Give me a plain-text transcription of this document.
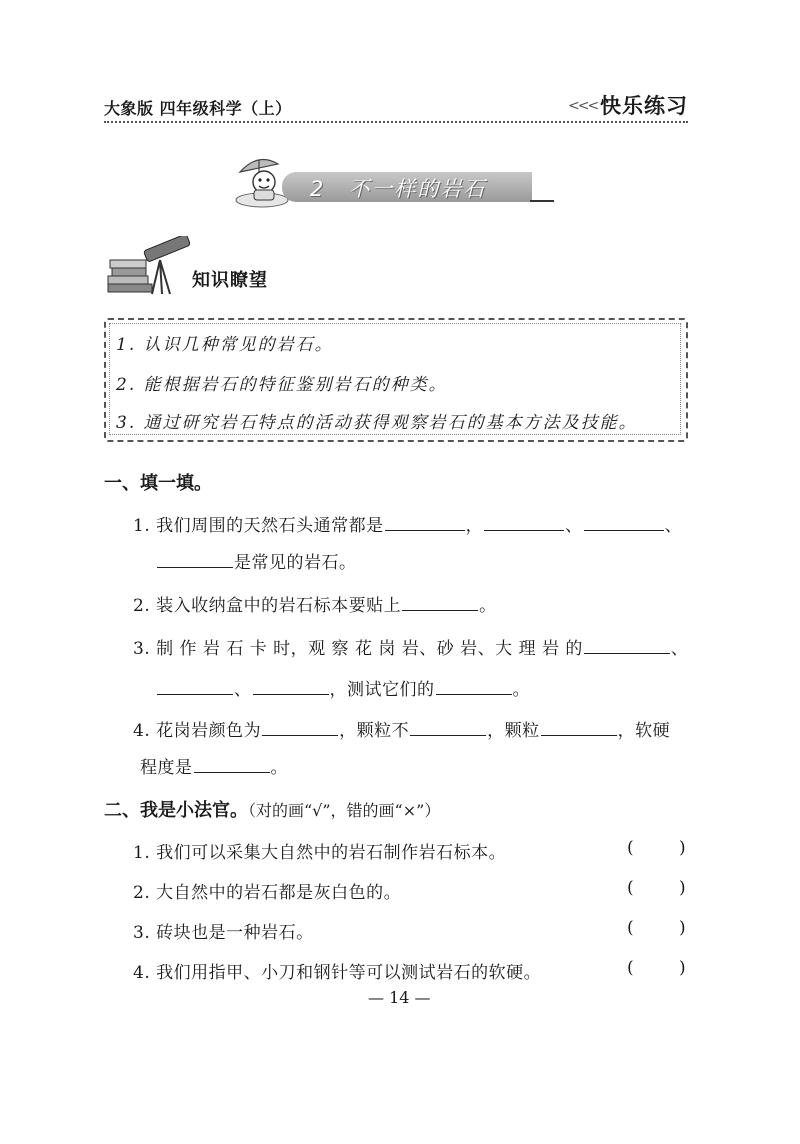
大象版 四年级科学（上）	<<< 快乐练习
2　不一样的岩石
知识瞭望
1. 认识几种常见的岩石。
2. 能根据岩石的特征鉴别岩石的种类。
3. 通过研究岩石特点的活动获得观察岩石的基本方法及技能。
一、填一填。
1. 我们周围的天然石头通常都是	，	、	、
是常见的岩石。
2. 装入收纳盒中的岩石标本要贴上	。
3. 制 作 岩 石 卡 时，观 察 花 岗 岩、砂 岩、大 理 岩 的	、
、	，测试它们的	。
4. 花岗岩颜色为	，颗粒不	，颗粒	，软硬
程度是	。
二、我是小法官。（对的画“√”，错的画“×”）
1. 我们可以采集大自然中的岩石制作岩石标本。	(	)
2. 大自然中的岩石都是灰白色的。	(	)
3. 砖块也是一种岩石。	(	)
4. 我们用指甲、小刀和钢针等可以测试岩石的软硬。	(	)
— 14 —
